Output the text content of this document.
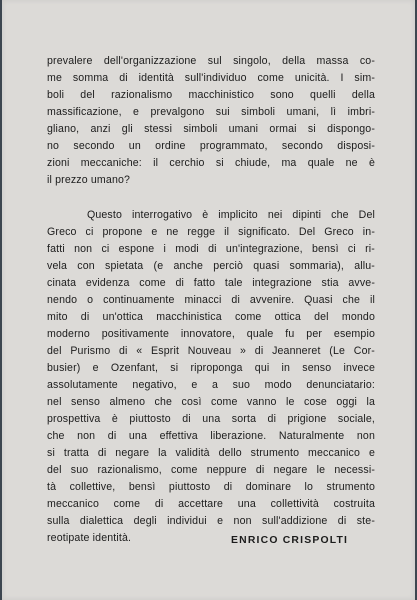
prevalere dell'organizzazione sul singolo, della massa co-
me somma di identità sull'individuo come unicità. I sim-
boli del razionalismo macchinistico sono quelli della
massificazione, e prevalgono sui simboli umani, lì imbri-
gliano, anzi gli stessi simboli umani ormai si dispongo-
no secondo un ordine programmato, secondo disposi-
zioni meccaniche: il cerchio si chiude, ma quale ne è
il prezzo umano?
Questo interrogativo è implicito nei dipinti che Del
Greco ci propone e ne regge il significato. Del Greco in-
fatti non ci espone i modi di un'integrazione, bensì ci ri-
vela con spietata (e anche perciò quasi sommaria), allu-
cinata evidenza come di fatto tale integrazione stia avve-
nendo o continuamente minacci di avvenire. Quasi che il
mito di un'ottica macchinistica come ottica del mondo
moderno positivamente innovatore, quale fu per esempio
del Purismo di « Esprit Nouveau » di Jeanneret (Le Cor-
busier) e Ozenfant, si riproponga qui in senso invece
assolutamente negativo, e a suo modo denunciatario:
nel senso almeno che così come vanno le cose oggi la
prospettiva è piuttosto di una sorta di prigione sociale,
che non di una effettiva liberazione. Naturalmente non
si tratta di negare la validità dello strumento meccanico e
del suo razionalismo, come neppure di negare le necessi-
tà collettive, bensì piuttosto di dominare lo strumento
meccanico come di accettare una collettività costruita
sulla dialettica degli individui e non sull'addizione di ste-
reotipate identità.	ENRICO CRISPOLTI
